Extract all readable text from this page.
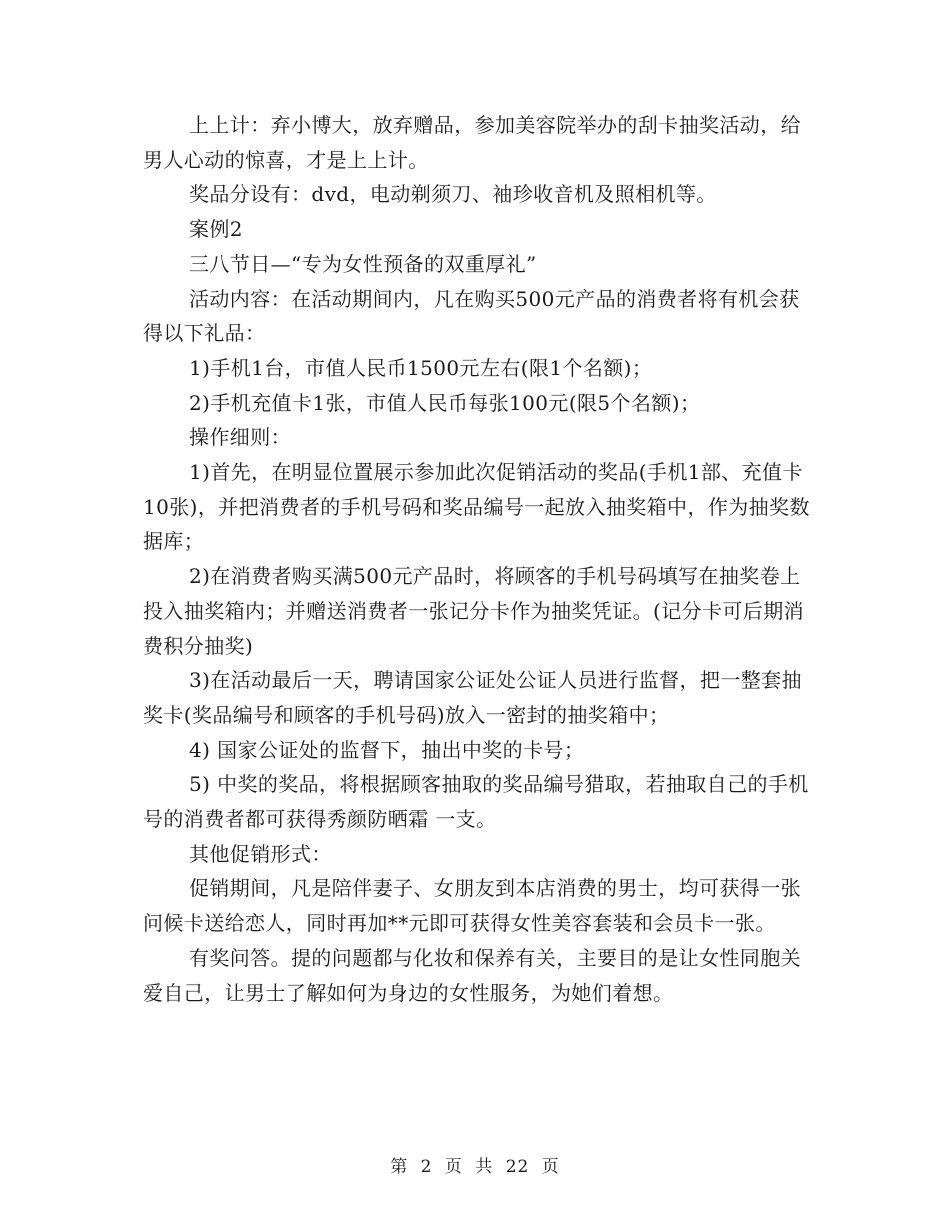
上上计：弃小博大，放弃赠品，参加美容院举办的刮卡抽奖活动，给男人心动的惊喜，才是上上计。

奖品分设有：dvd，电动剃须刀、袖珍收音机及照相机等。

案例2

三八节日—“专为女性预备的双重厚礼”

活动内容：在活动期间内，凡在购买500元产品的消费者将有机会获得以下礼品：

1)手机1台，市值人民币1500元左右(限1个名额)；

2)手机充值卡1张，市值人民币每张100元(限5个名额)；

操作细则：

1)首先，在明显位置展示参加此次促销活动的奖品(手机1部、充值卡10张)，并把消费者的手机号码和奖品编号一起放入抽奖箱中，作为抽奖数据库；

2)在消费者购买满500元产品时，将顾客的手机号码填写在抽奖卷上投入抽奖箱内；并赠送消费者一张记分卡作为抽奖凭证。(记分卡可后期消费积分抽奖)

3)在活动最后一天，聘请国家公证处公证人员进行监督，把一整套抽奖卡(奖品编号和顾客的手机号码)放入一密封的抽奖箱中；

4) 国家公证处的监督下，抽出中奖的卡号；

5) 中奖的奖品，将根据顾客抽取的奖品编号猎取，若抽取自己的手机号的消费者都可获得秀颜防晒霜 一支。

其他促销形式：

促销期间，凡是陪伴妻子、女朋友到本店消费的男士，均可获得一张问候卡送给恋人，同时再加**元即可获得女性美容套装和会员卡一张。

有奖问答。提的问题都与化妆和保养有关，主要目的是让女性同胞关爱自己，让男士了解如何为身边的女性服务，为她们着想。

第 2 页 共 22 页
